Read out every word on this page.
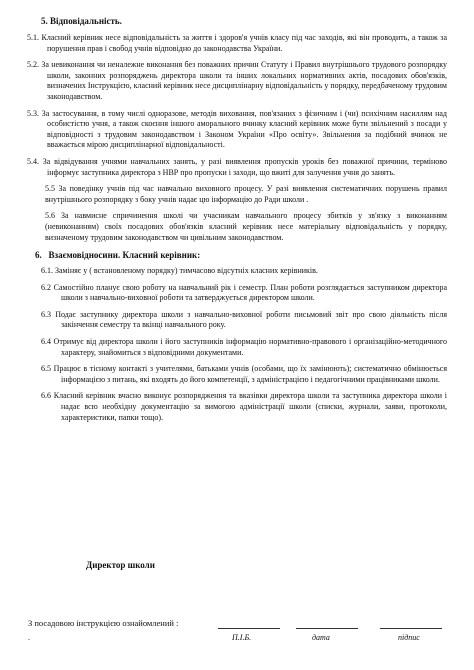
5. Відповідальність.

5.1. Класний керівник несе відповідальність за життя і здоров'я учнів класу під час заходів, які він проводить, а також за порушення прав і свобод учнів відповідно до законодавства України.

5.2. За невиконання чи неналежне виконання без поважних причин Статуту і Правил внутрішнього трудового розпорядку школи, законних розпоряджень директора школи та інших локальних нормативних актів, посадових обов'язків, визначених Інструкцією, класний керівник несе дисциплінарну відповідальність у порядку, передбаченому трудовим законодавством.

5.3. За застосування, в тому числі одноразове, методів виховання, пов'язаних з фізичним і (чи) психічним насиллям над особистістю учня, а також скоєння іншого аморального вчинку класний керівник може бути звільнений з посади у відповідності з трудовим законодавством і Законом України «Про освіту». Звільнення за подібний вчинок не вважається мірою дисциплінарної відповідальності.

5.4. За відвідування учнями навчальних занять, у разі виявлення пропусків уроків без поважної причини, терміново інформує заступника директора з НВР про пропуски і заходи, що вжиті для залучення учня до занять.

5.5 За поведінку учнів під час навчально виховного процесу. У разі виявлення систематичних порушень правил внутрішнього розпорядку з боку учнів надає цю інформацію до Ради школи .

5.6 За навмисне спричинення школі чи учасникам навчального процесу збитків у зв'язку з виконанням (невиконанням) своїх посадових обов'язків класний керівник несе матеріальну відповідальність у порядку, визначеному трудовим законодавством чи цивільним законодавством.

6. Взаємовідносини. Класний керівник:

6.1. Заміняє у ( встановленому порядку) тимчасово відсутніх класних керівників.

6.2 Самостійно планує свою роботу на навчальний рік і семестр. План роботи розглядається заступником директора школи з навчально-виховної роботи та затверджується директором школи.

6.3 Подає заступнику директора школи з навчально-виховної роботи письмовий звіт про свою діяльність після закінчення семестру та вкінці навчального року.

6.4 Отримує від директора школи і його заступників інформацію нормативно-правового і організаційно-методичного характеру, знайомиться з відповідними документами.

6.5 Працює в тісному контакті з учителями, батьками учнів (особами, що їх замінюють); систематично обмінюється інформацією з питань, які входять до його компетенції, з адміністрацією і педагогічними працівниками школи.

6.6 Класний керівник вчасно виконує розпорядження та вказівки директора школи та заступника директора школи і надає всю необхідну документацію за вимогою адміністрації школи (списки, журнали, заяви, протоколи, характеристики, папки тощо).

Директор школи
З посадовою інструкцією ознайомлений :
.	П.І.Б.	дата	підпис
